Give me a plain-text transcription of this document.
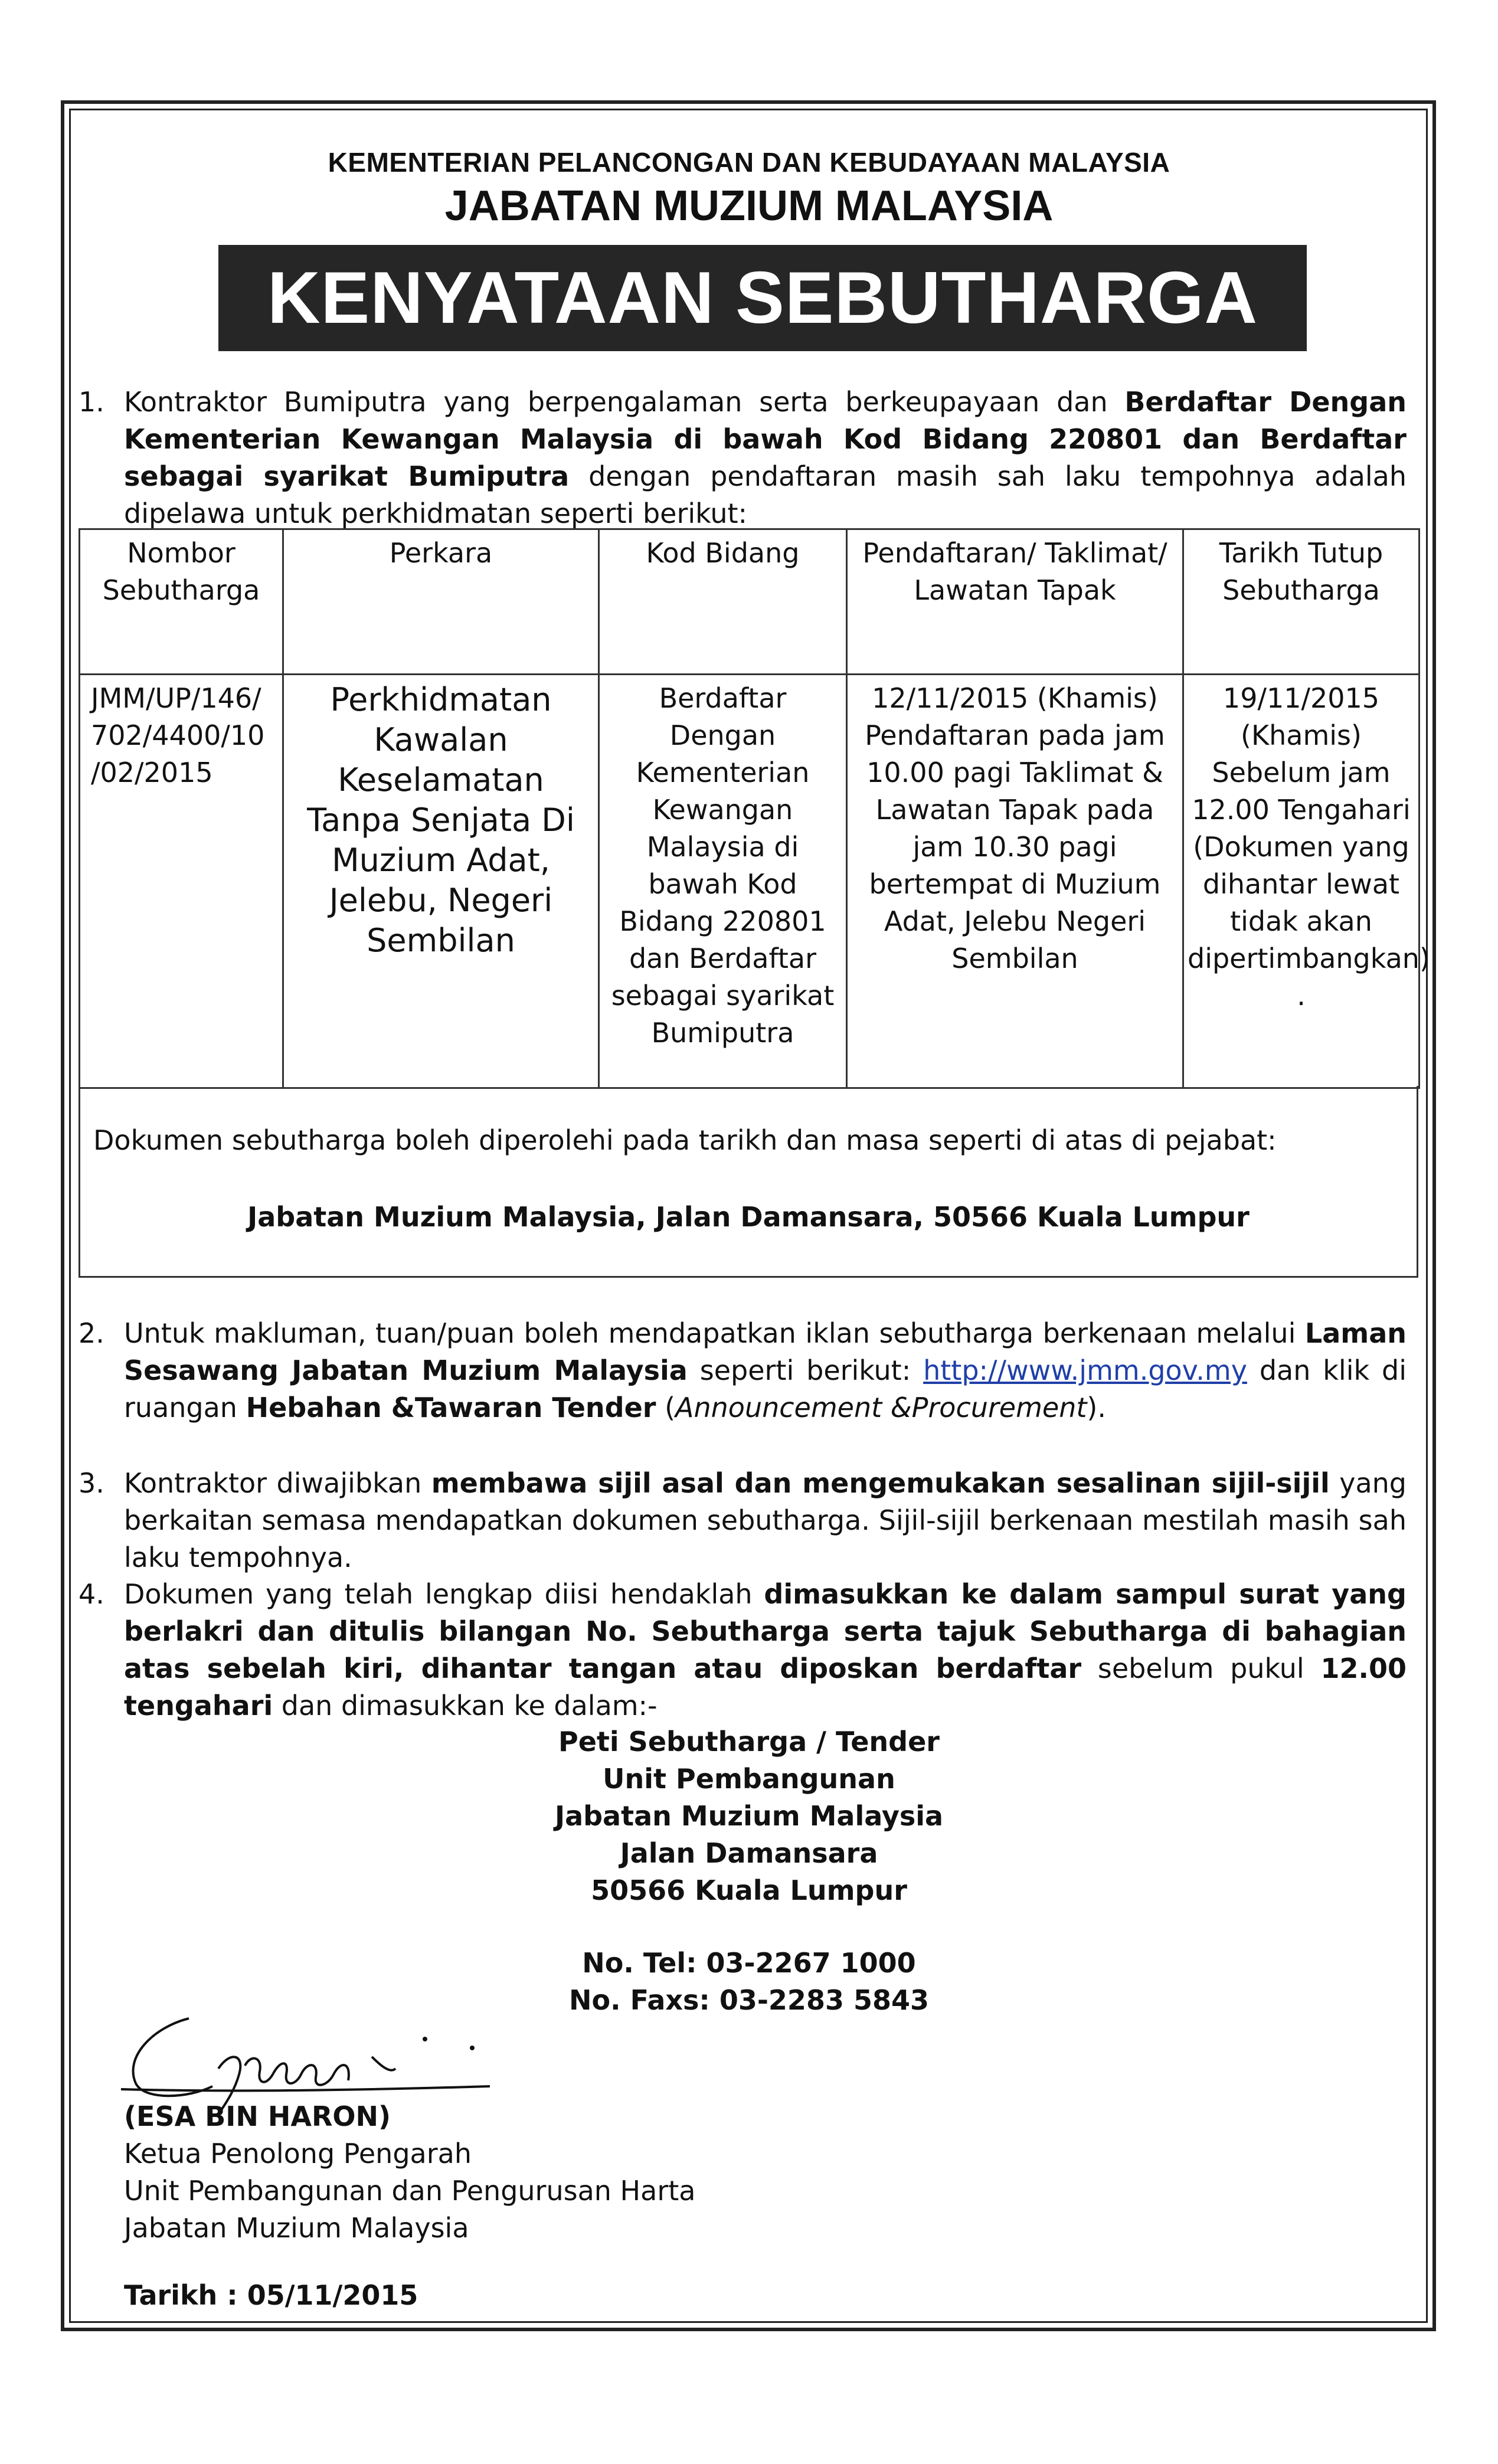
KEMENTERIAN PELANCONGAN DAN KEBUDAYAAN MALAYSIA
JABATAN MUZIUM MALAYSIA
KENYATAAN SEBUTHARGA
1. Kontraktor Bumiputra yang berpengalaman serta berkeupayaan dan Berdaftar Dengan Kementerian Kewangan Malaysia di bawah Kod Bidang 220801 dan Berdaftar sebagai syarikat Bumiputra dengan pendaftaran masih sah laku tempohnya adalah dipelawa untuk perkhidmatan seperti berikut:
Nombor Sebutharga	Perkara	Kod Bidang	Pendaftaran/ Taklimat/ Lawatan Tapak	Tarikh Tutup Sebutharga
JMM/UP/146/ 702/4400/10 /02/2015	Perkhidmatan Kawalan Keselamatan Tanpa Senjata Di Muzium Adat, Jelebu, Negeri Sembilan	Berdaftar Dengan Kementerian Kewangan Malaysia di bawah Kod Bidang 220801 dan Berdaftar sebagai syarikat Bumiputra	12/11/2015 (Khamis) Pendaftaran pada jam 10.00 pagi Taklimat & Lawatan Tapak pada jam 10.30 pagi bertempat di Muzium Adat, Jelebu Negeri Sembilan	19/11/2015 (Khamis) Sebelum jam 12.00 Tengahari (Dokumen yang dihantar lewat tidak akan dipertimbangkan) .
Dokumen sebutharga boleh diperolehi pada tarikh dan masa seperti di atas di pejabat:
Jabatan Muzium Malaysia, Jalan Damansara, 50566 Kuala Lumpur
2. Untuk makluman, tuan/puan boleh mendapatkan iklan sebutharga berkenaan melalui Laman Sesawang Jabatan Muzium Malaysia seperti berikut: http://www.jmm.gov.my dan klik di ruangan Hebahan &Tawaran Tender (Announcement &Procurement).
3. Kontraktor diwajibkan membawa sijil asal dan mengemukakan sesalinan sijil-sijil yang berkaitan semasa mendapatkan dokumen sebutharga. Sijil-sijil berkenaan mestilah masih sah laku tempohnya.
4. Dokumen yang telah lengkap diisi hendaklah dimasukkan ke dalam sampul surat yang berlakri dan ditulis bilangan No. Sebutharga serta tajuk Sebutharga di bahagian atas sebelah kiri, dihantar tangan atau diposkan berdaftar sebelum pukul 12.00 tengahari dan dimasukkan ke dalam:-
Peti Sebutharga / Tender
Unit Pembangunan
Jabatan Muzium Malaysia
Jalan Damansara
50566 Kuala Lumpur
No. Tel: 03-2267 1000
No. Faxs: 03-2283 5843
(ESA BIN HARON)
Ketua Penolong Pengarah
Unit Pembangunan dan Pengurusan Harta
Jabatan Muzium Malaysia
Tarikh : 05/11/2015
